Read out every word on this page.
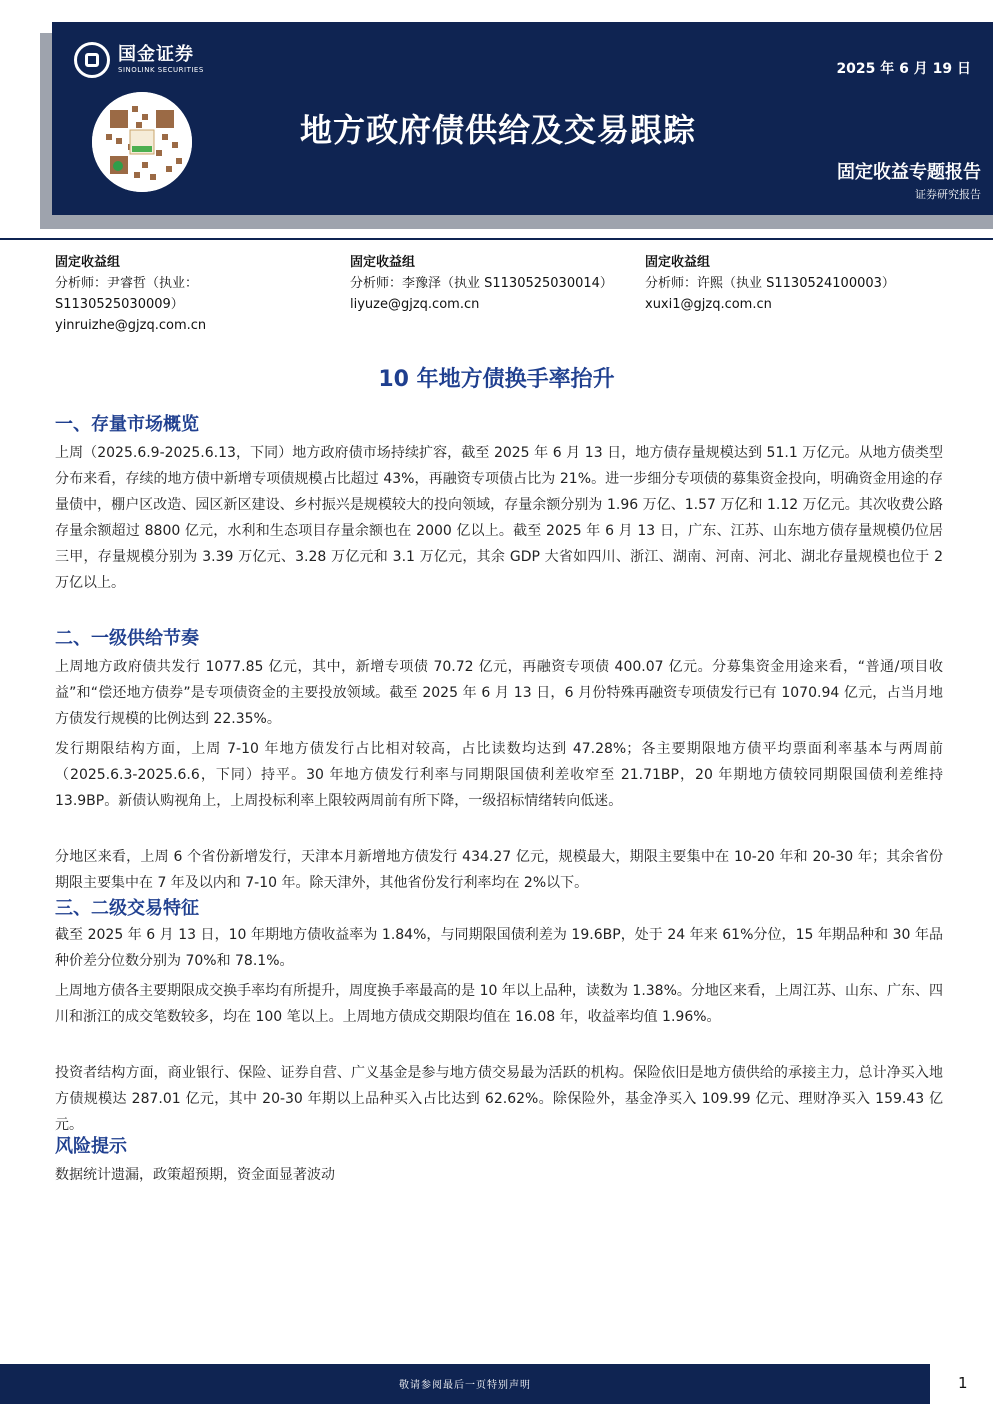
国金证券
SINOLINK SECURITIES	2025 年 6 月 19 日
地方政府债供给及交易跟踪
固定收益专题报告
证券研究报告
固定收益组
分析师：尹睿哲（执业：
S1130525030009）
yinruizhe@gjzq.com.cn
固定收益组
分析师：李豫泽（执业 S1130525030014）
liyuze@gjzq.com.cn
固定收益组
分析师：许熙（执业 S1130524100003）
xuxi1@gjzq.com.cn
10 年地方债换手率抬升
一、存量市场概览

上周（2025.6.9-2025.6.13，下同）地方政府债市场持续扩容，截至 2025 年 6 月 13 日，地方债存量规模达到 51.1 万亿元。从地方债类型分布来看，存续的地方债中新增专项债规模占比超过 43%，再融资专项债占比为 21%。进一步细分专项债的募集资金投向，明确资金用途的存量债中，棚户区改造、园区新区建设、乡村振兴是规模较大的投向领域，存量余额分别为 1.96 万亿、1.57 万亿和 1.12 万亿元。其次收费公路存量余额超过 8800 亿元，水利和生态项目存量余额也在 2000 亿以上。截至 2025 年 6 月 13 日，广东、江苏、山东地方债存量规模仍位居三甲，存量规模分别为 3.39 万亿元、3.28 万亿元和 3.1 万亿元，其余 GDP 大省如四川、浙江、湖南、河南、河北、湖北存量规模也位于 2 万亿以上。

二、一级供给节奏

上周地方政府债共发行 1077.85 亿元，其中，新增专项债 70.72 亿元，再融资专项债 400.07 亿元。分募集资金用途来看，“普通/项目收益”和“偿还地方债券”是专项债资金的主要投放领域。截至 2025 年 6 月 13 日，6 月份特殊再融资专项债发行已有 1070.94 亿元，占当月地方债发行规模的比例达到 22.35%。

发行期限结构方面，上周 7-10 年地方债发行占比相对较高，占比读数均达到 47.28%；各主要期限地方债平均票面利率基本与两周前（2025.6.3-2025.6.6，下同）持平。30 年地方债发行利率与同期限国债利差收窄至 21.71BP，20 年期地方债较同期限国债利差维持 13.9BP。新债认购视角上，上周投标利率上限较两周前有所下降，一级招标情绪转向低迷。

分地区来看，上周 6 个省份新增发行，天津本月新增地方债发行 434.27 亿元，规模最大，期限主要集中在 10-20 年和 20-30 年；其余省份期限主要集中在 7 年及以内和 7-10 年。除天津外，其他省份发行利率均在 2%以下。

三、二级交易特征

截至 2025 年 6 月 13 日，10 年期地方债收益率为 1.84%，与同期限国债利差为 19.6BP，处于 24 年来 61%分位，15 年期品种和 30 年品种价差分位数分别为 70%和 78.1%。

上周地方债各主要期限成交换手率均有所提升，周度换手率最高的是 10 年以上品种，读数为 1.38%。分地区来看，上周江苏、山东、广东、四川和浙江的成交笔数较多，均在 100 笔以上。上周地方债成交期限均值在 16.08 年，收益率均值 1.96%。

投资者结构方面，商业银行、保险、证券自营、广义基金是参与地方债交易最为活跃的机构。保险依旧是地方债供给的承接主力，总计净买入地方债规模达 287.01 亿元，其中 20-30 年期以上品种买入占比达到 62.62%。除保险外，基金净买入 109.99 亿元、理财净买入 159.43 亿元。

风险提示

数据统计遗漏，政策超预期，资金面显著波动

敬请参阅最后一页特别声明	1
